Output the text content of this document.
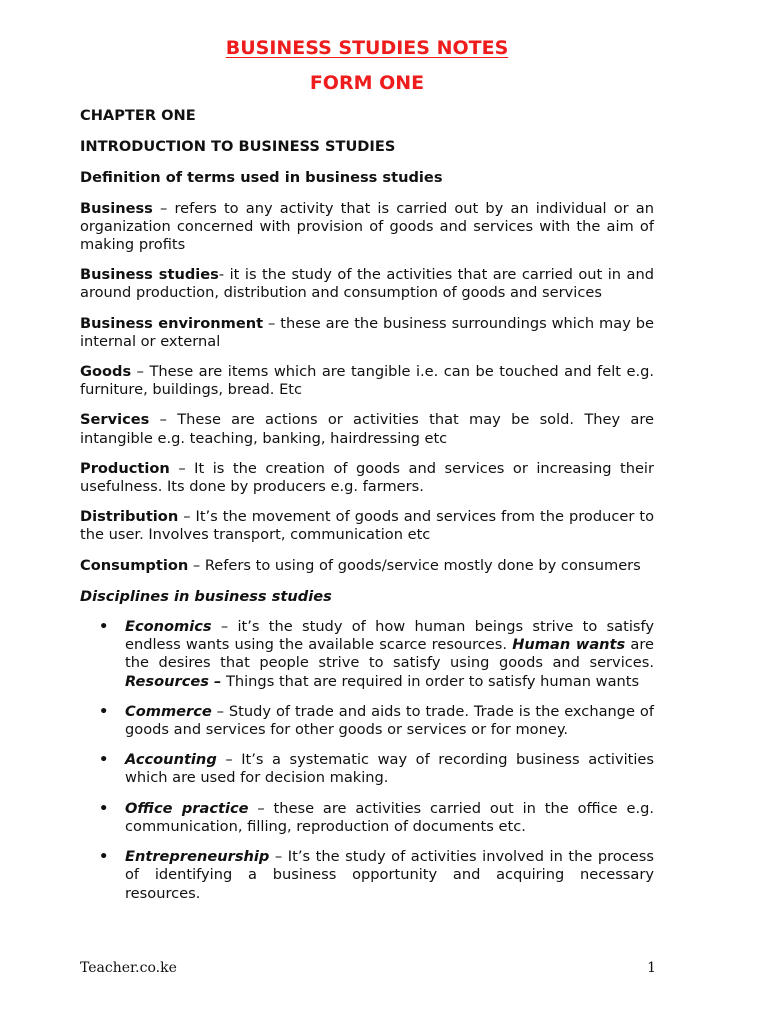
BUSINESS STUDIES NOTES

FORM ONE

CHAPTER ONE

INTRODUCTION TO BUSINESS STUDIES

Definition of terms used in business studies

Business – refers to any activity that is carried out by an individual or an organization concerned with provision of goods and services with the aim of making profits

Business studies- it is the study of the activities that are carried out in and around production, distribution and consumption of goods and services

Business environment – these are the business surroundings which may be internal or external

Goods – These are items which are tangible i.e. can be touched and felt e.g. furniture, buildings, bread. Etc

Services – These are actions or activities that may be sold. They are intangible e.g. teaching, banking, hairdressing etc

Production – It is the creation of goods and services or increasing their usefulness. Its done by producers e.g. farmers.

Distribution – It’s the movement of goods and services from the producer to the user. Involves transport, communication etc

Consumption – Refers to using of goods/service mostly done by consumers

Disciplines in business studies

• Economics – it’s the study of how human beings strive to satisfy endless wants using the available scarce resources. Human wants are the desires that people strive to satisfy using goods and services. Resources – Things that are required in order to satisfy human wants
• Commerce – Study of trade and aids to trade. Trade is the exchange of goods and services for other goods or services or for money.
• Accounting – It’s a systematic way of recording business activities which are used for decision making.
• Office practice – these are activities carried out in the office e.g. communication, filling, reproduction of documents etc.
• Entrepreneurship – It’s the study of activities involved in the process of identifying a business opportunity and acquiring necessary resources.
Teacher.co.ke	1
